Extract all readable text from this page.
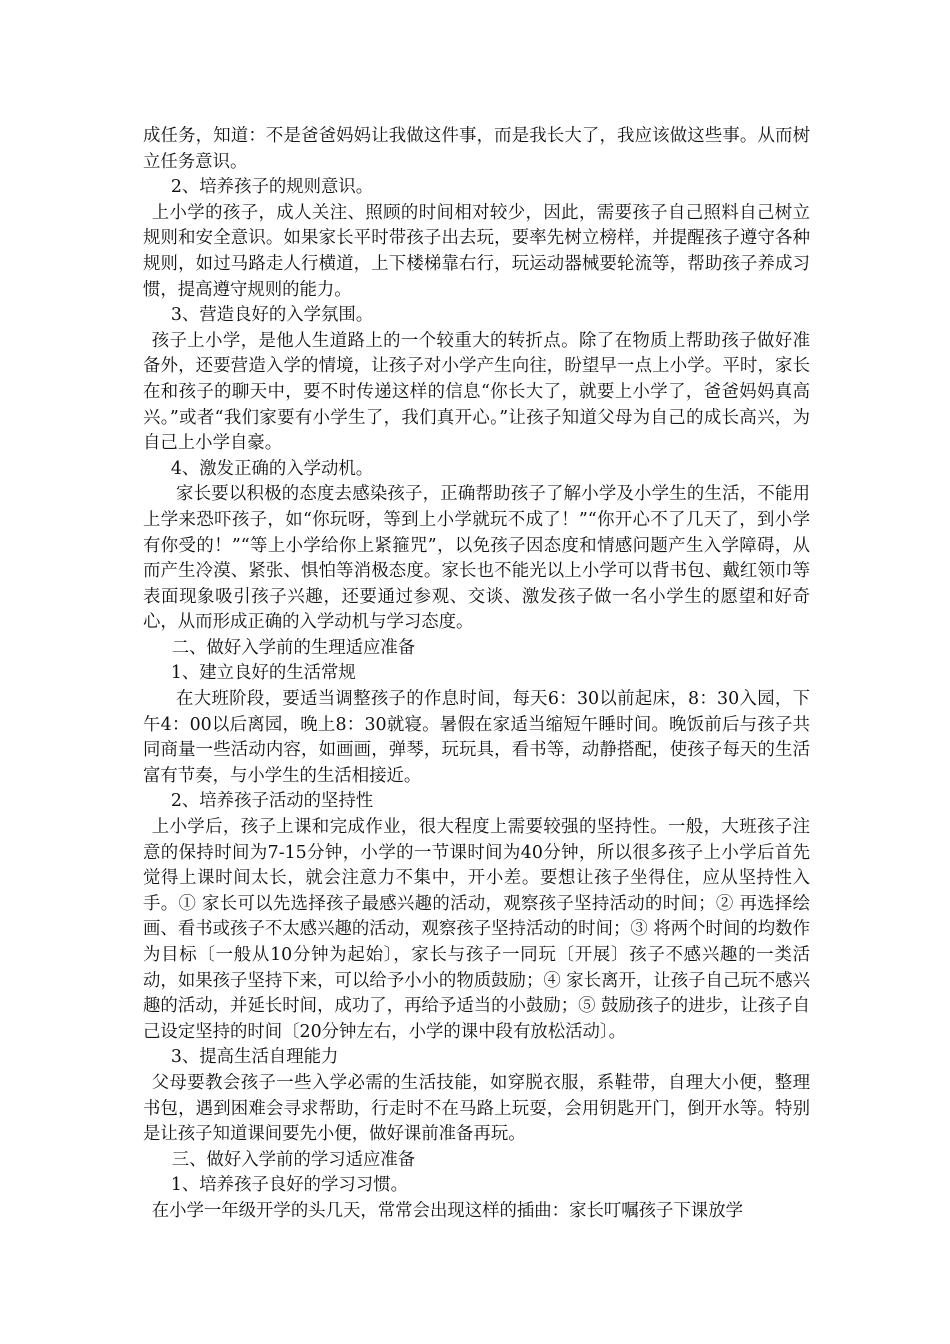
成任务，知道：不是爸爸妈妈让我做这件事，而是我长大了，我应该做这些事。从而树立任务意识。

2、培养孩子的规则意识。

上小学的孩子，成人关注、照顾的时间相对较少，因此，需要孩子自己照料自己树立规则和安全意识。如果家长平时带孩子出去玩，要率先树立榜样，并提醒孩子遵守各种规则，如过马路走人行横道，上下楼梯靠右行，玩运动器械要轮流等，帮助孩子养成习惯，提高遵守规则的能力。

3、营造良好的入学氛围。

孩子上小学，是他人生道路上的一个较重大的转折点。除了在物质上帮助孩子做好准备外，还要营造入学的情境，让孩子对小学产生向往，盼望早一点上小学。平时，家长在和孩子的聊天中，要不时传递这样的信息“你长大了，就要上小学了，爸爸妈妈真高兴。”或者“我们家要有小学生了，我们真开心。”让孩子知道父母为自己的成长高兴，为自己上小学自豪。

4、激发正确的入学动机。

家长要以积极的态度去感染孩子，正确帮助孩子了解小学及小学生的生活，不能用上学来恐吓孩子，如“你玩呀，等到上小学就玩不成了！”“你开心不了几天了，到小学有你受的！”“等上小学给你上紧箍咒”，以免孩子因态度和情感问题产生入学障碍，从而产生冷漠、紧张、惧怕等消极态度。家长也不能光以上小学可以背书包、戴红领巾等表面现象吸引孩子兴趣，还要通过参观、交谈、激发孩子做一名小学生的愿望和好奇心，从而形成正确的入学动机与学习态度。

二、做好入学前的生理适应准备

1、建立良好的生活常规

在大班阶段，要适当调整孩子的作息时间，每天6：30以前起床，8：30入园，下午4：00以后离园，晚上8：30就寝。暑假在家适当缩短午睡时间。晚饭前后与孩子共同商量一些活动内容，如画画，弹琴，玩玩具，看书等，动静搭配，使孩子每天的生活富有节奏，与小学生的生活相接近。

2、培养孩子活动的坚持性

上小学后，孩子上课和完成作业，很大程度上需要较强的坚持性。一般，大班孩子注意的保持时间为7-15分钟，小学的一节课时间为40分钟，所以很多孩子上小学后首先觉得上课时间太长，就会注意力不集中，开小差。要想让孩子坐得住，应从坚持性入手。① 家长可以先选择孩子最感兴趣的活动，观察孩子坚持活动的时间；② 再选择绘画、看书或孩子不太感兴趣的活动，观察孩子坚持活动的时间；③ 将两个时间的均数作为目标〔一般从10分钟为起始〕，家长与孩子一同玩〔开展〕孩子不感兴趣的一类活动，如果孩子坚持下来，可以给予小小的物质鼓励；④ 家长离开，让孩子自己玩不感兴趣的活动，并延长时间，成功了，再给予适当的小鼓励；⑤ 鼓励孩子的进步，让孩子自己设定坚持的时间〔20分钟左右，小学的课中段有放松活动〕。

3、提高生活自理能力

父母要教会孩子一些入学必需的生活技能，如穿脱衣服，系鞋带，自理大小便，整理书包，遇到困难会寻求帮助，行走时不在马路上玩耍，会用钥匙开门，倒开水等。特别是让孩子知道课间要先小便，做好课前准备再玩。

三、做好入学前的学习适应准备

1、培养孩子良好的学习习惯。

在小学一年级开学的头几天，常常会出现这样的插曲：家长叮嘱孩子下课放学
